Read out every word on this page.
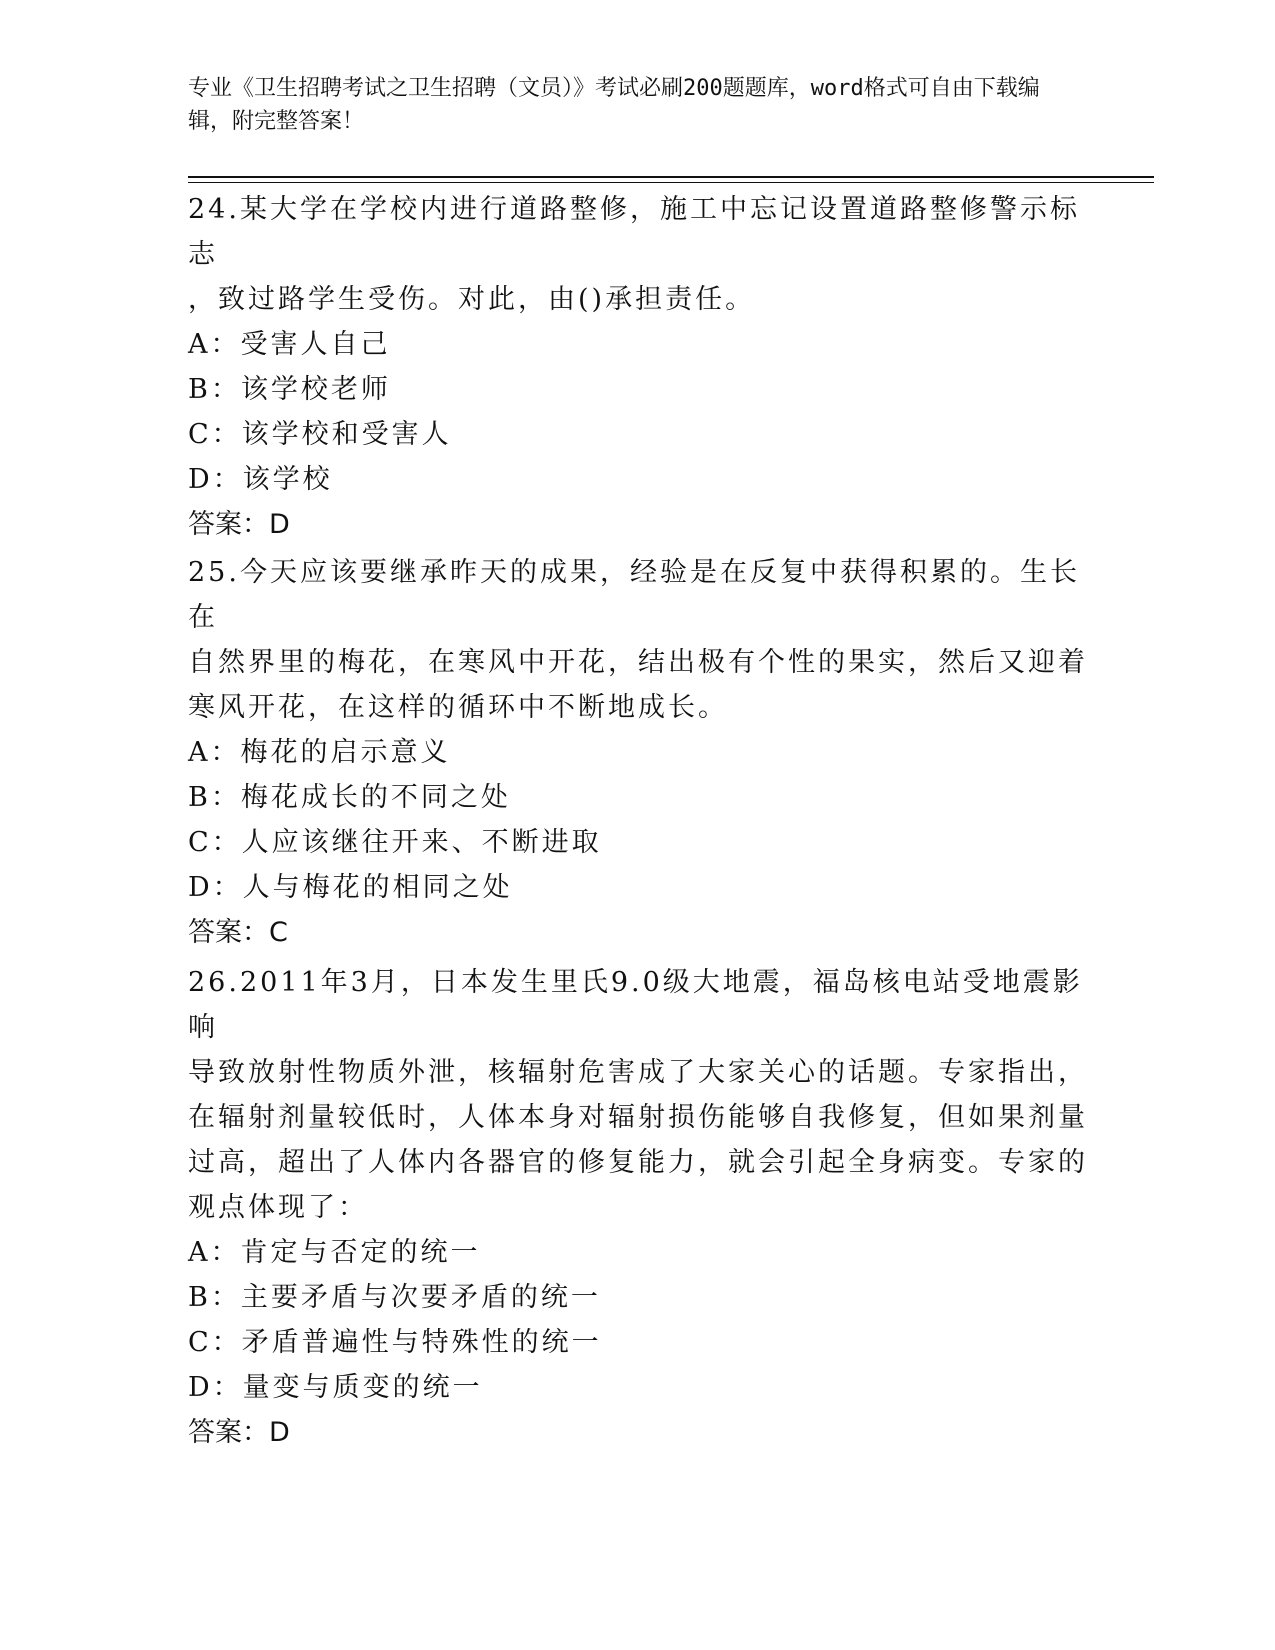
专业《卫生招聘考试之卫生招聘（文员）》考试必刷200题题库，word格式可自由下载编辑，附完整答案！

24.某大学在学校内进行道路整修，施工中忘记设置道路整修警示标志

，致过路学生受伤。对此，由()承担责任。

A：受害人自己

B：该学校老师

C：该学校和受害人

D：该学校

答案：D

25.今天应该要继承昨天的成果，经验是在反复中获得积累的。生长在

自然界里的梅花，在寒风中开花，结出极有个性的果实，然后又迎着

寒风开花，在这样的循环中不断地成长。

A：梅花的启示意义

B：梅花成长的不同之处

C：人应该继往开来、不断进取

D：人与梅花的相同之处

答案：C

26.2011年3月，日本发生里氏9.0级大地震，福岛核电站受地震影响

导致放射性物质外泄，核辐射危害成了大家关心的话题。专家指出，

在辐射剂量较低时，人体本身对辐射损伤能够自我修复，但如果剂量

过高，超出了人体内各器官的修复能力，就会引起全身病变。专家的

观点体现了：

A：肯定与否定的统一

B：主要矛盾与次要矛盾的统一

C：矛盾普遍性与特殊性的统一

D：量变与质变的统一

答案：D
